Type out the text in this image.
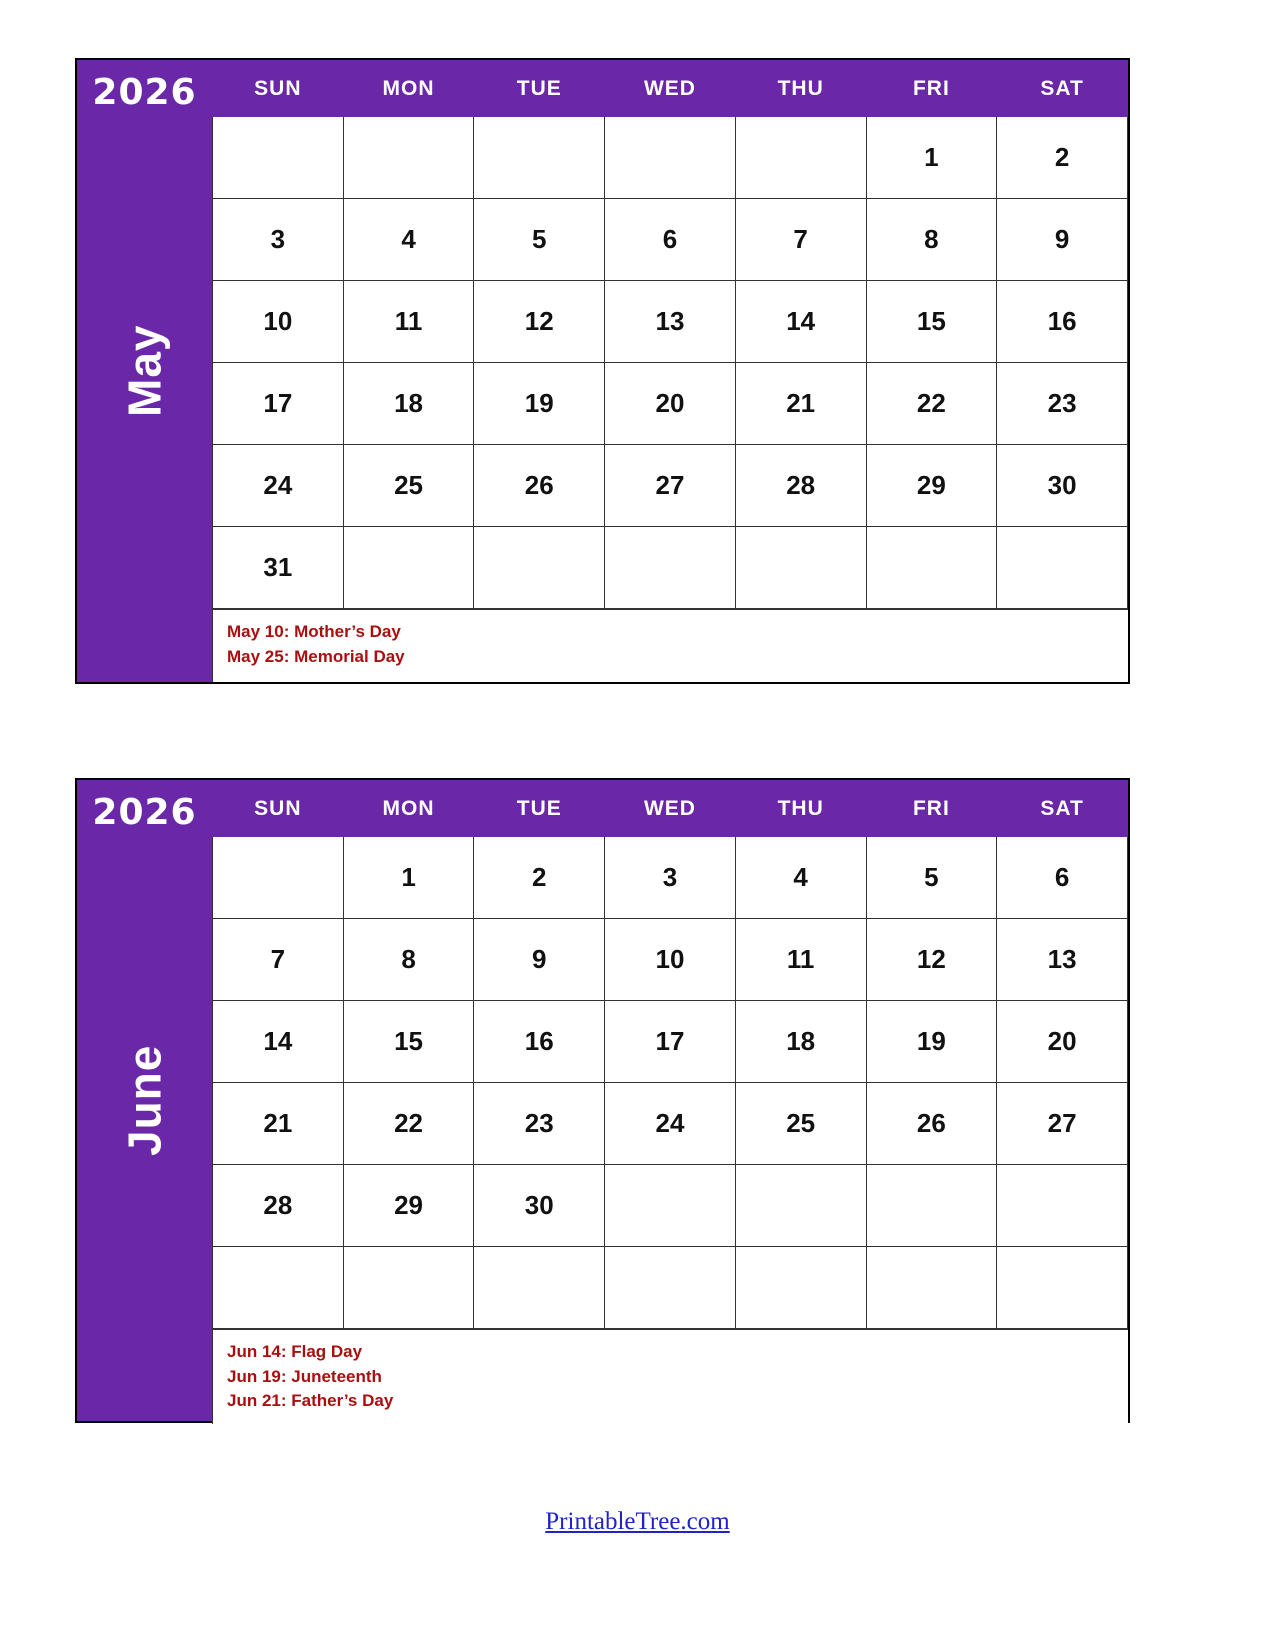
2026
May
SUN	MON	TUE	WED	THU	FRI	SAT
					1	2
3	4	5	6	7	8	9
10	11	12	13	14	15	16
17	18	19	20	21	22	23
24	25	26	27	28	29	30
31						
May 10: Mother’s Day
May 25: Memorial Day
2026
June
SUN	MON	TUE	WED	THU	FRI	SAT
	1	2	3	4	5	6
7	8	9	10	11	12	13
14	15	16	17	18	19	20
21	22	23	24	25	26	27
28	29	30				

Jun 14: Flag Day
Jun 19: Juneteenth
Jun 21: Father’s Day
PrintableTree.com
